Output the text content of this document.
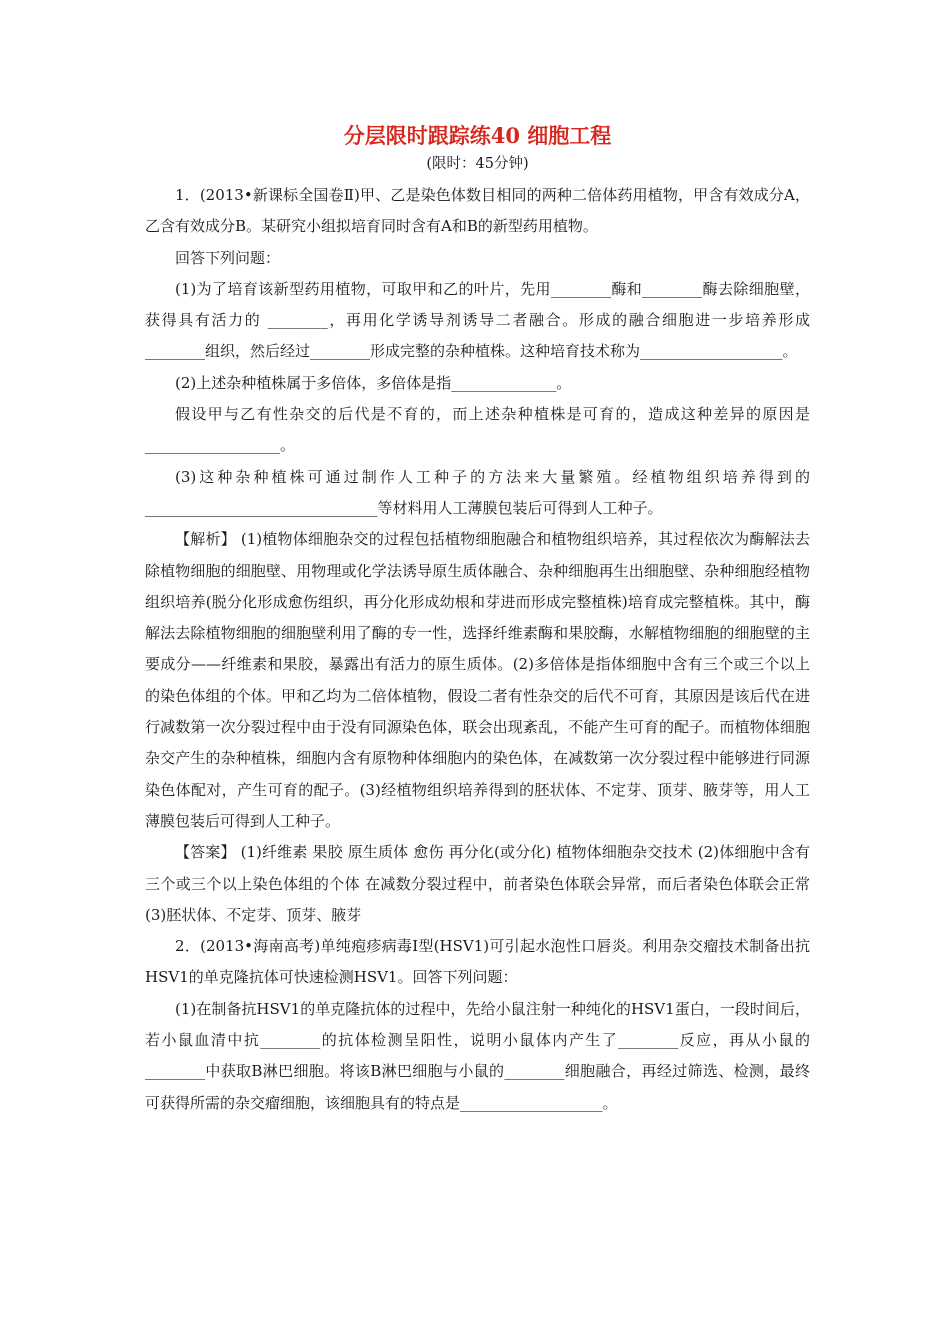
分层限时跟踪练40 细胞工程
(限时：45分钟)

1．(2013•新课标全国卷Ⅱ)甲、乙是染色体数目相同的两种二倍体药用植物，甲含有效成分A，乙含有效成分B。某研究小组拟培育同时含有A和B的新型药用植物。

回答下列问题：

(1)为了培育该新型药用植物，可取甲和乙的叶片，先用________酶和________酶去除细胞壁，获得具有活力的 ________，再用化学诱导剂诱导二者融合。形成的融合细胞进一步培养形成 ________组织，然后经过________形成完整的杂种植株。这种培育技术称为___________________。

(2)上述杂种植株属于多倍体，多倍体是指______________。

假设甲与乙有性杂交的后代是不育的，而上述杂种植株是可育的，造成这种差异的原因是__________________。

(3)这种杂种植株可通过制作人工种子的方法来大量繁殖。经植物组织培养得到的 _______________________________等材料用人工薄膜包装后可得到人工种子。

【解析】 (1)植物体细胞杂交的过程包括植物细胞融合和植物组织培养，其过程依次为酶解法去除植物细胞的细胞壁、用物理或化学法诱导原生质体融合、杂种细胞再生出细胞壁、杂种细胞经植物组织培养(脱分化形成愈伤组织，再分化形成幼根和芽进而形成完整植株)培育成完整植株。其中，酶解法去除植物细胞的细胞壁利用了酶的专一性，选择纤维素酶和果胶酶，水解植物细胞的细胞壁的主要成分——纤维素和果胶，暴露出有活力的原生质体。(2)多倍体是指体细胞中含有三个或三个以上的染色体组的个体。甲和乙均为二倍体植物，假设二者有性杂交的后代不可育，其原因是该后代在进行减数第一次分裂过程中由于没有同源染色体，联会出现紊乱，不能产生可育的配子。而植物体细胞杂交产生的杂种植株，细胞内含有原物种体细胞内的染色体，在减数第一次分裂过程中能够进行同源染色体配对，产生可育的配子。(3)经植物组织培养得到的胚状体、不定芽、顶芽、腋芽等，用人工薄膜包装后可得到人工种子。

【答案】 (1)纤维素 果胶 原生质体 愈伤 再分化(或分化) 植物体细胞杂交技术 (2)体细胞中含有三个或三个以上染色体组的个体 在减数分裂过程中，前者染色体联会异常，而后者染色体联会正常 (3)胚状体、不定芽、顶芽、腋芽

2．(2013•海南高考)单纯疱疹病毒Ⅰ型(HSV1)可引起水泡性口唇炎。利用杂交瘤技术制备出抗HSV1的单克隆抗体可快速检测HSV1。回答下列问题：

(1)在制备抗HSV1的单克隆抗体的过程中，先给小鼠注射一种纯化的HSV1蛋白，一段时间后，若小鼠血清中抗________的抗体检测呈阳性，说明小鼠体内产生了________反应，再从小鼠的________中获取B淋巴细胞。将该B淋巴细胞与小鼠的________细胞融合，再经过筛选、检测，最终可获得所需的杂交瘤细胞，该细胞具有的特点是___________________。
